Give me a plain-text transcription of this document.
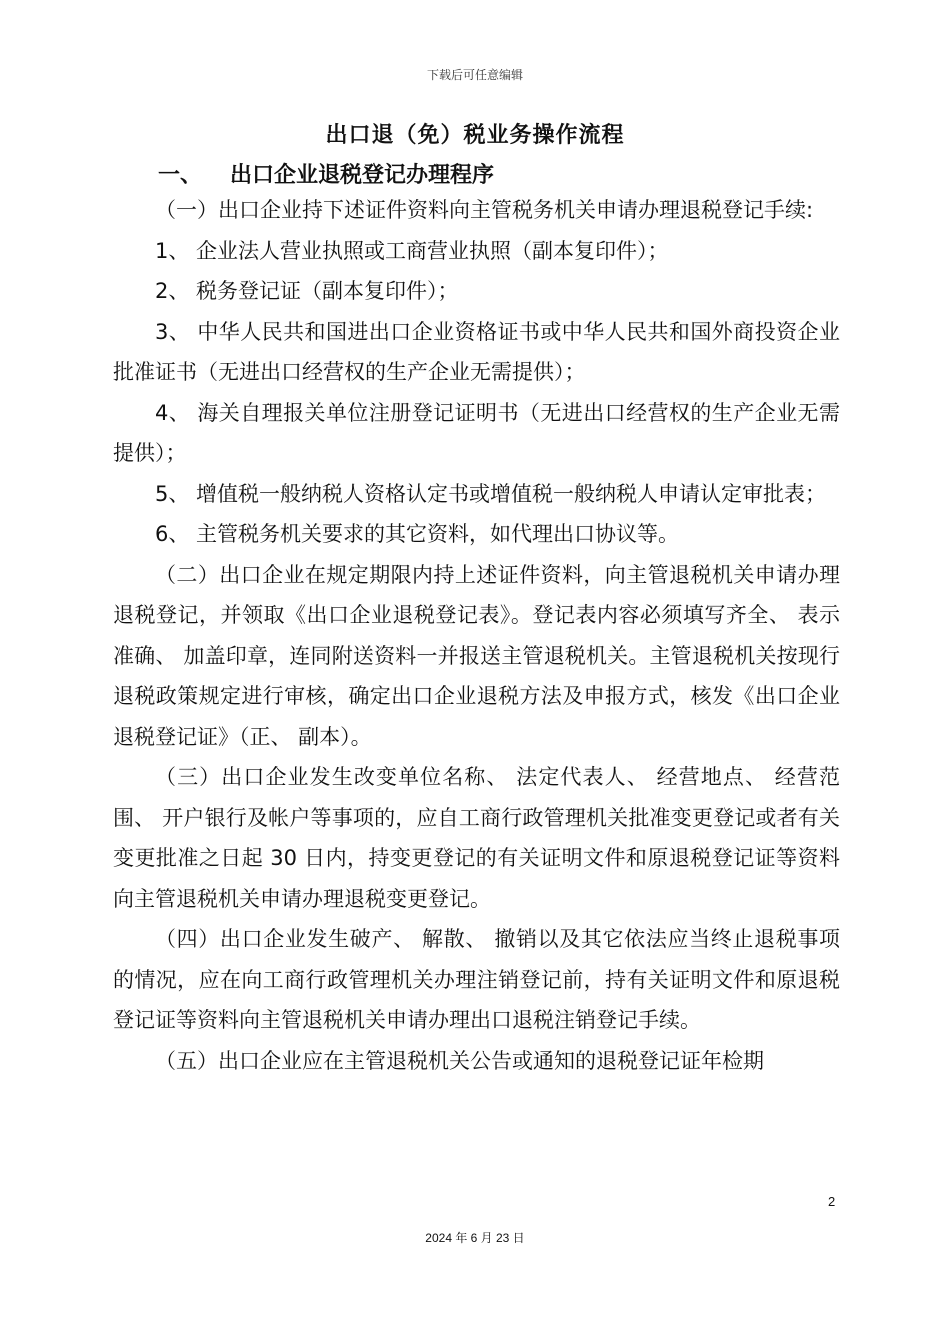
下载后可任意编辑
出口退（免）税业务操作流程
一、 出口企业退税登记办理程序

（一）出口企业持下述证件资料向主管税务机关申请办理退税登记手续:

1、 企业法人营业执照或工商营业执照（副本复印件）；

2、 税务登记证（副本复印件）；

3、 中华人民共和国进出口企业资格证书或中华人民共和国外商投资企业批准证书（无进出口经营权的生产企业无需提供）；

4、 海关自理报关单位注册登记证明书（无进出口经营权的生产企业无需提供）；

5、 增值税一般纳税人资格认定书或增值税一般纳税人申请认定审批表；

6、 主管税务机关要求的其它资料，如代理出口协议等。

（二）出口企业在规定期限内持上述证件资料，向主管退税机关申请办理退税登记，并领取《出口企业退税登记表》。登记表内容必须填写齐全、 表示准确、 加盖印章，连同附送资料一并报送主管退税机关。主管退税机关按现行退税政策规定进行审核，确定出口企业退税方法及申报方式，核发《出口企业退税登记证》（正、 副本）。

（三）出口企业发生改变单位名称、 法定代表人、 经营地点、 经营范围、 开户银行及帐户等事项的，应自工商行政管理机关批准变更登记或者有关变更批准之日起 30 日内，持变更登记的有关证明文件和原退税登记证等资料向主管退税机关申请办理退税变更登记。

（四）出口企业发生破产、 解散、 撤销以及其它依法应当终止退税事项的情况，应在向工商行政管理机关办理注销登记前，持有关证明文件和原退税登记证等资料向主管退税机关申请办理出口退税注销登记手续。

（五）出口企业应在主管退税机关公告或通知的退税登记证年检期

2
2024 年 6 月 23 日
